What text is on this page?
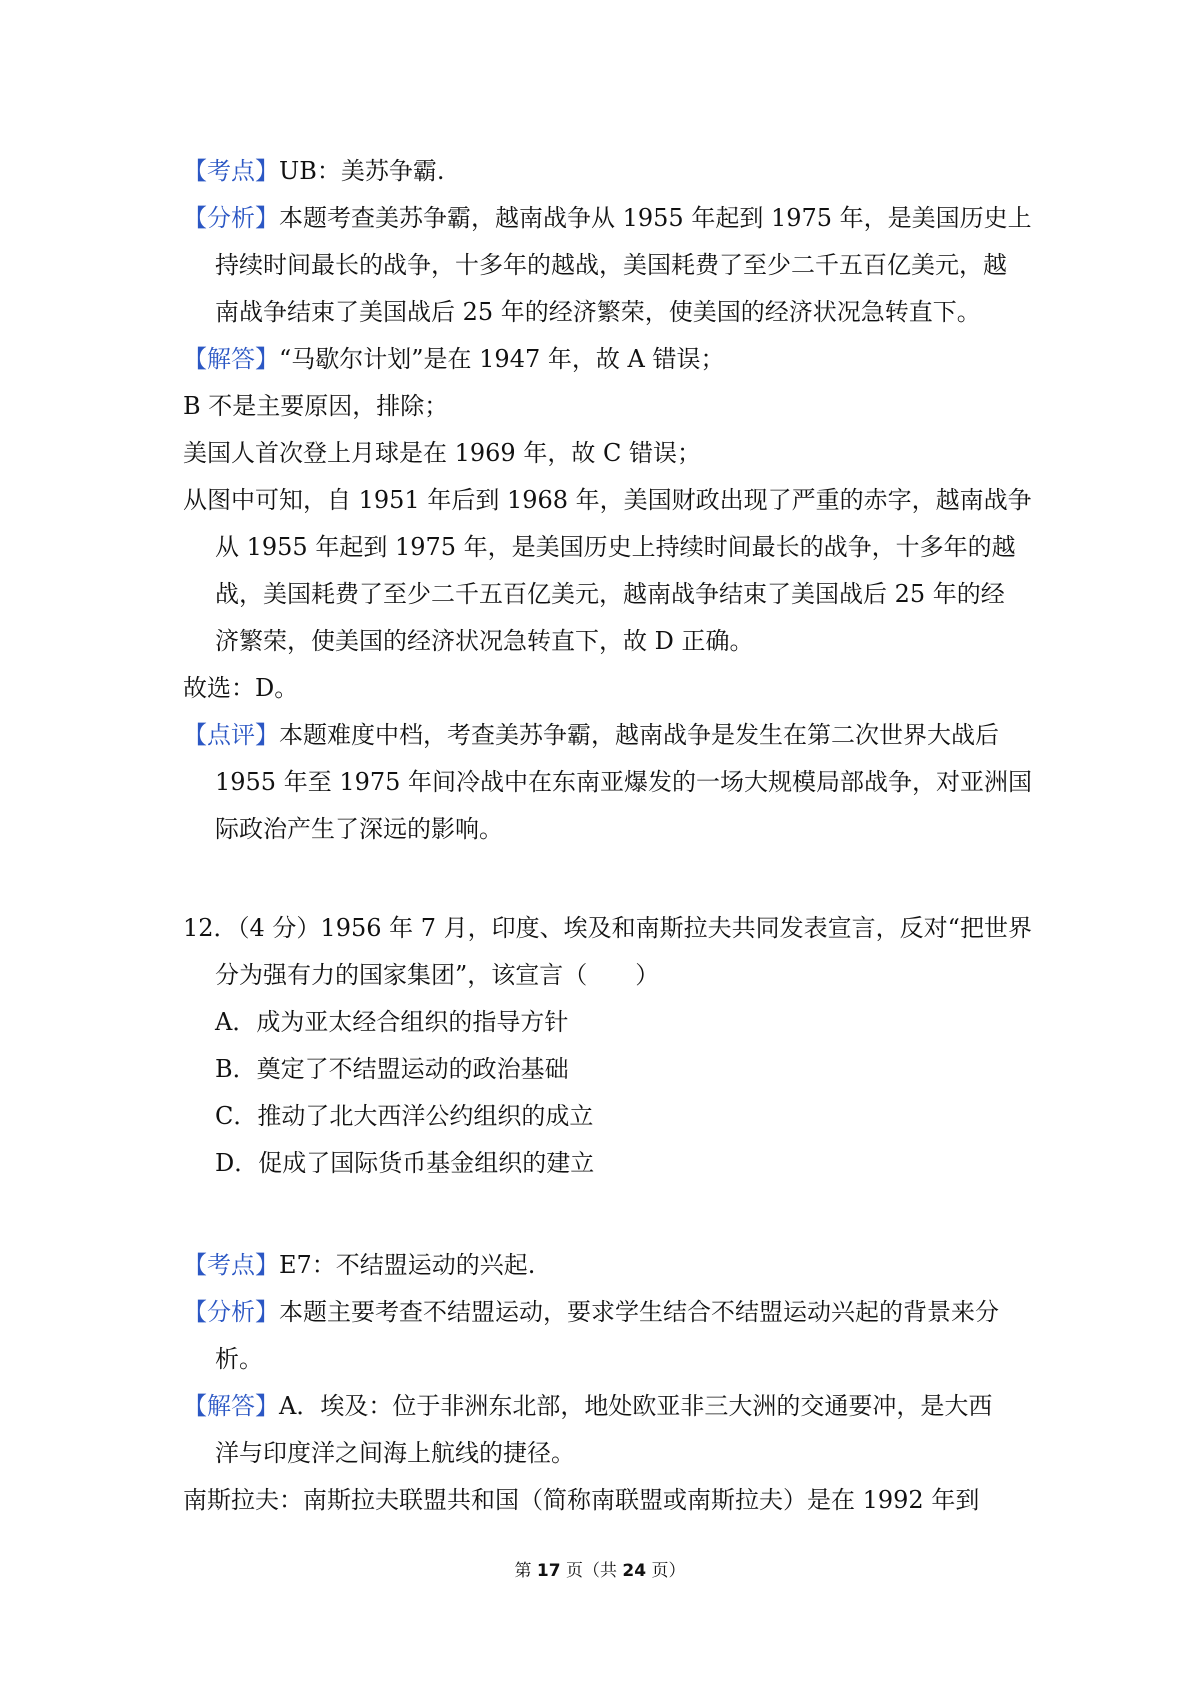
【考点】UB：美苏争霸.
【分析】本题考查美苏争霸，越南战争从 1955 年起到 1975 年，是美国历史上
持续时间最长的战争，十多年的越战，美国耗费了至少二千五百亿美元，越
南战争结束了美国战后 25 年的经济繁荣，使美国的经济状况急转直下。
【解答】“马歇尔计划”是在 1947 年，故 A 错误；
B 不是主要原因，排除；
美国人首次登上月球是在 1969 年，故 C 错误；
从图中可知，自 1951 年后到 1968 年，美国财政出现了严重的赤字，越南战争
从 1955 年起到 1975 年，是美国历史上持续时间最长的战争，十多年的越
战，美国耗费了至少二千五百亿美元，越南战争结束了美国战后 25 年的经
济繁荣，使美国的经济状况急转直下，故 D 正确。
故选：D。
【点评】本题难度中档，考查美苏争霸，越南战争是发生在第二次世界大战后
1955 年至 1975 年间冷战中在东南亚爆发的一场大规模局部战争，对亚洲国
际政治产生了深远的影响。
12．（4 分）1956 年 7 月，印度、埃及和南斯拉夫共同发表宣言，反对“把世界
分为强有力的国家集团”，该宣言（　　）
A．成为亚太经合组织的指导方针
B．奠定了不结盟运动的政治基础
C．推动了北大西洋公约组织的成立
D．促成了国际货币基金组织的建立
【考点】E7：不结盟运动的兴起.
【分析】本题主要考查不结盟运动，要求学生结合不结盟运动兴起的背景来分
析。
【解答】A．埃及：位于非洲东北部，地处欧亚非三大洲的交通要冲，是大西
洋与印度洋之间海上航线的捷径。
南斯拉夫：南斯拉夫联盟共和国（简称南联盟或南斯拉夫）是在 1992 年到
第 17 页（共 24 页）
